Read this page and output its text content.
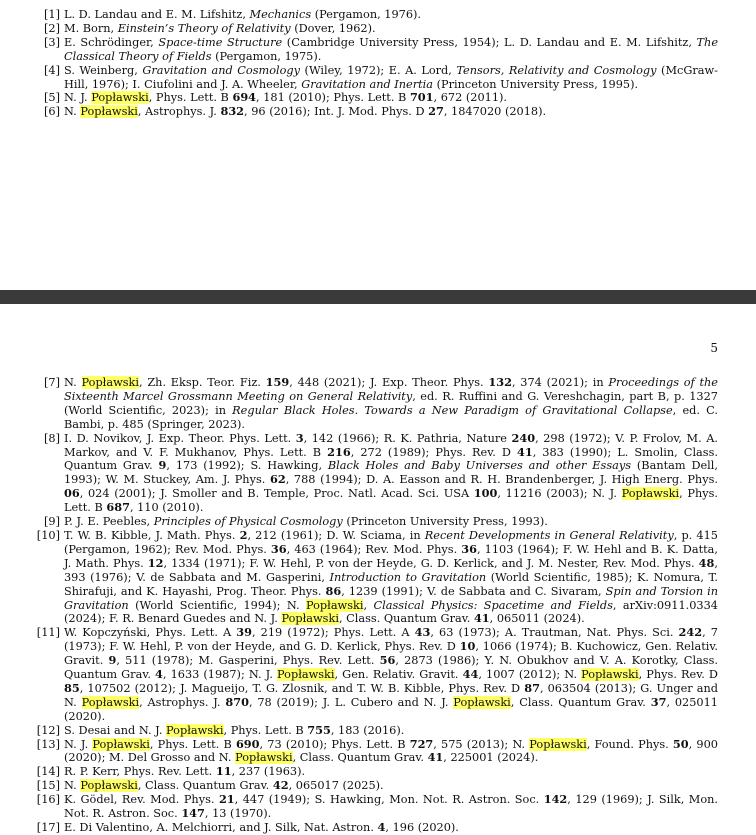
[1] L. D. Landau and E. M. Lifshitz, Mechanics (Pergamon, 1976).
[2] M. Born, Einstein’s Theory of Relativity (Dover, 1962).
[3] E. Schrödinger, Space-time Structure (Cambridge University Press, 1954); L. D. Landau and E. M. Lifshitz, The Classical Theory of Fields (Pergamon, 1975).
[4] S. Weinberg, Gravitation and Cosmology (Wiley, 1972); E. A. Lord, Tensors, Relativity and Cosmology (McGraw-Hill, 1976); I. Ciufolini and J. A. Wheeler, Gravitation and Inertia (Princeton University Press, 1995).
[5] N. J. Popławski, Phys. Lett. B 694, 181 (2010); Phys. Lett. B 701, 672 (2011).
[6] N. Popławski, Astrophys. J. 832, 96 (2016); Int. J. Mod. Phys. D 27, 1847020 (2018).
5
[7] N. Popławski, Zh. Eksp. Teor. Fiz. 159, 448 (2021); J. Exp. Theor. Phys. 132, 374 (2021); in Proceedings of the Sixteenth Marcel Grossmann Meeting on General Relativity, ed. R. Ruffini and G. Vereshchagin, part B, p. 1327 (World Scientific, 2023); in Regular Black Holes. Towards a New Paradigm of Gravitational Collapse, ed. C. Bambi, p. 485 (Springer, 2023).
[8] I. D. Novikov, J. Exp. Theor. Phys. Lett. 3, 142 (1966); R. K. Pathria, Nature 240, 298 (1972); V. P. Frolov, M. A. Markov, and V. F. Mukhanov, Phys. Lett. B 216, 272 (1989); Phys. Rev. D 41, 383 (1990); L. Smolin, Class. Quantum Grav. 9, 173 (1992); S. Hawking, Black Holes and Baby Universes and other Essays (Bantam Dell, 1993); W. M. Stuckey, Am. J. Phys. 62, 788 (1994); D. A. Easson and R. H. Brandenberger, J. High Energ. Phys. 06, 024 (2001); J. Smoller and B. Temple, Proc. Natl. Acad. Sci. USA 100, 11216 (2003); N. J. Popławski, Phys. Lett. B 687, 110 (2010).
[9] P. J. E. Peebles, Principles of Physical Cosmology (Princeton University Press, 1993).
[10] T. W. B. Kibble, J. Math. Phys. 2, 212 (1961); D. W. Sciama, in Recent Developments in General Relativity, p. 415 (Pergamon, 1962); Rev. Mod. Phys. 36, 463 (1964); Rev. Mod. Phys. 36, 1103 (1964); F. W. Hehl and B. K. Datta, J. Math. Phys. 12, 1334 (1971); F. W. Hehl, P. von der Heyde, G. D. Kerlick, and J. M. Nester, Rev. Mod. Phys. 48, 393 (1976); V. de Sabbata and M. Gasperini, Introduction to Gravitation (World Scientific, 1985); K. Nomura, T. Shirafuji, and K. Hayashi, Prog. Theor. Phys. 86, 1239 (1991); V. de Sabbata and C. Sivaram, Spin and Torsion in Gravitation (World Scientific, 1994); N. Popławski, Classical Physics: Spacetime and Fields, arXiv:0911.0334 (2024); F. R. Benard Guedes and N. J. Popławski, Class. Quantum Grav. 41, 065011 (2024).
[11] W. Kopczyński, Phys. Lett. A 39, 219 (1972); Phys. Lett. A 43, 63 (1973); A. Trautman, Nat. Phys. Sci. 242, 7 (1973); F. W. Hehl, P. von der Heyde, and G. D. Kerlick, Phys. Rev. D 10, 1066 (1974); B. Kuchowicz, Gen. Relativ. Gravit. 9, 511 (1978); M. Gasperini, Phys. Rev. Lett. 56, 2873 (1986); Y. N. Obukhov and V. A. Korotky, Class. Quantum Grav. 4, 1633 (1987); N. J. Popławski, Gen. Relativ. Gravit. 44, 1007 (2012); N. Popławski, Phys. Rev. D 85, 107502 (2012); J. Magueijo, T. G. Zlosnik, and T. W. B. Kibble, Phys. Rev. D 87, 063504 (2013); G. Unger and N. Popławski, Astrophys. J. 870, 78 (2019); J. L. Cubero and N. J. Popławski, Class. Quantum Grav. 37, 025011 (2020).
[12] S. Desai and N. J. Popławski, Phys. Lett. B 755, 183 (2016).
[13] N. J. Popławski, Phys. Lett. B 690, 73 (2010); Phys. Lett. B 727, 575 (2013); N. Popławski, Found. Phys. 50, 900 (2020); M. Del Grosso and N. Popławski, Class. Quantum Grav. 41, 225001 (2024).
[14] R. P. Kerr, Phys. Rev. Lett. 11, 237 (1963).
[15] N. Popławski, Class. Quantum Grav. 42, 065017 (2025).
[16] K. Gödel, Rev. Mod. Phys. 21, 447 (1949); S. Hawking, Mon. Not. R. Astron. Soc. 142, 129 (1969); J. Silk, Mon. Not. R. Astron. Soc. 147, 13 (1970).
[17] E. Di Valentino, A. Melchiorri, and J. Silk, Nat. Astron. 4, 196 (2020).
